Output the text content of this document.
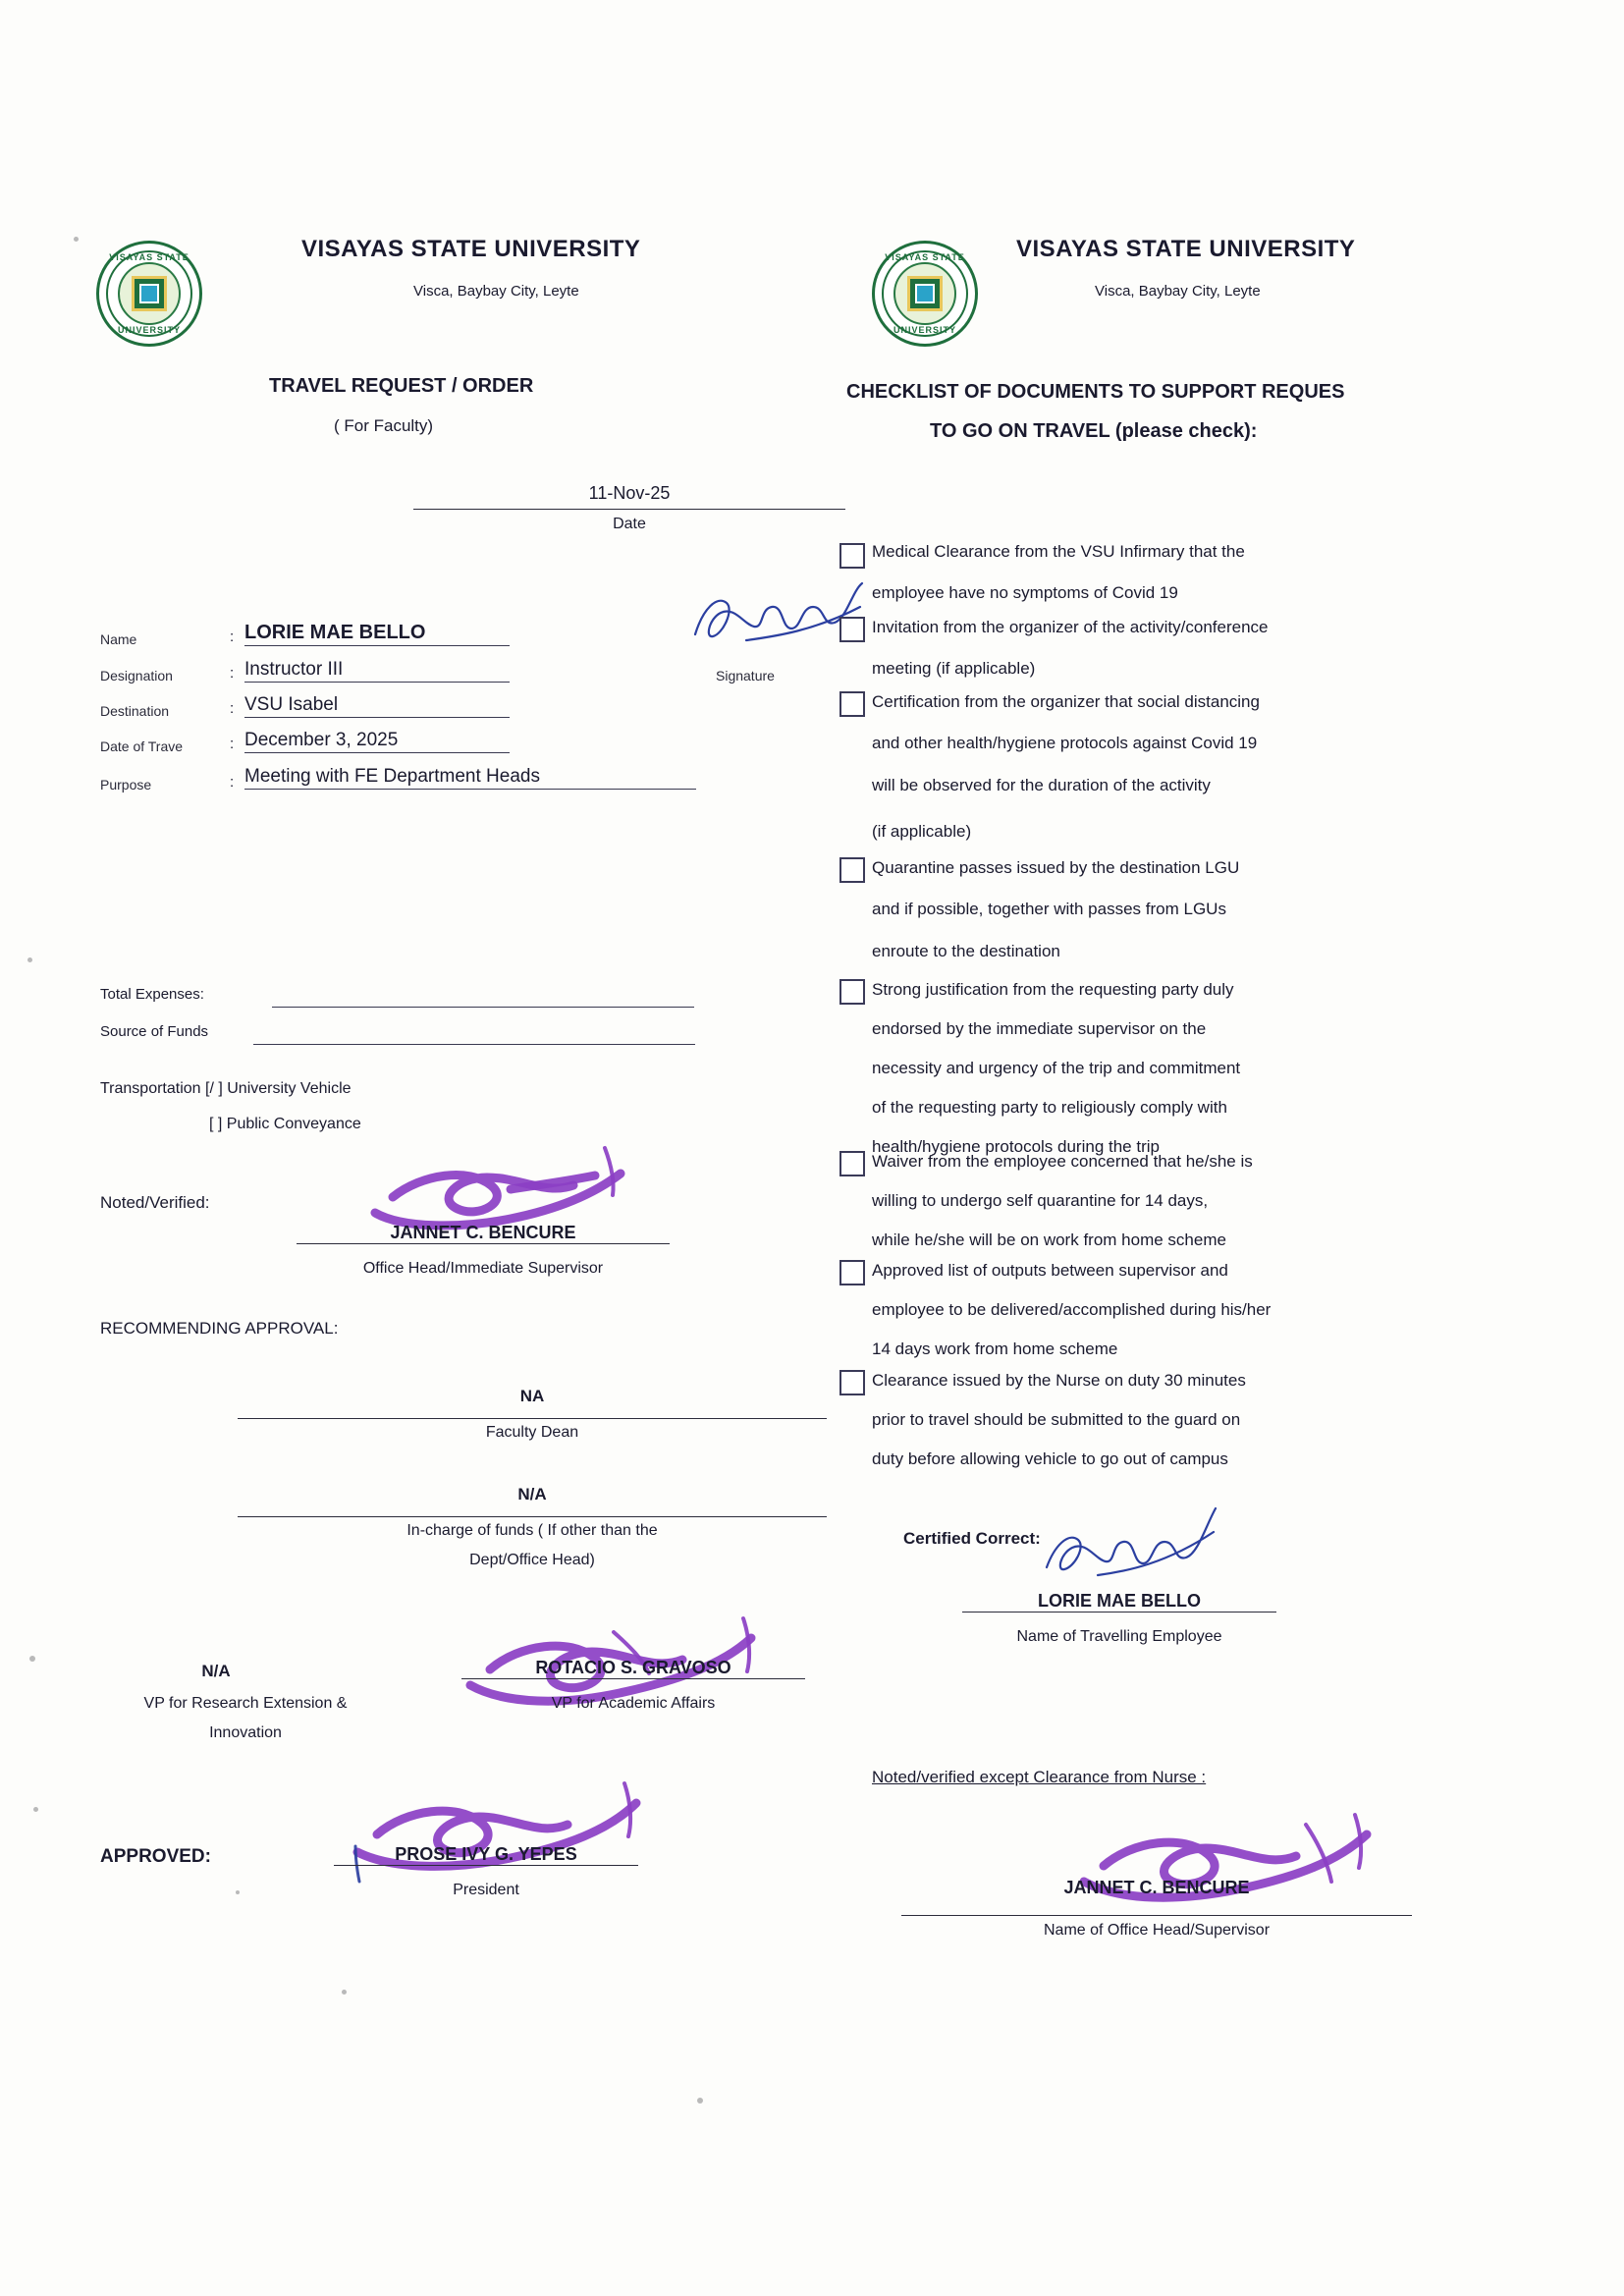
VISAYAS STATE
UNIVERSITY
VISAYAS STATE
UNIVERSITY
VISAYAS STATE UNIVERSITY
Visca, Baybay City, Leyte
TRAVEL REQUEST / ORDER
( For Faculty)
VISAYAS STATE UNIVERSITY
Visca, Baybay City, Leyte
CHECKLIST OF DOCUMENTS TO SUPPORT REQUES
TO GO ON TRAVEL (please check):
11-Nov-25
Date
Signature
Name	: LORIE MAE BELLO
Designation	: Instructor III
Destination	: VSU Isabel
Date of Trave	: December 3, 2025
Purpose	: Meeting with FE Department Heads
Total Expenses:
Source of Funds
Transportation [/ ] University Vehicle
[ ] Public Conveyance
Noted/Verified:
JANNET C. BENCURE
Office Head/Immediate Supervisor
RECOMMENDING APPROVAL:
NA
Faculty Dean
N/A
In-charge of funds ( If other than the
Dept/Office Head)
N/A
VP for Research Extension &
Innovation
ROTACIO S. GRAVOSO
VP for Academic Affairs
APPROVED:	PROSE IVY G. YEPES
President
Medical Clearance from the VSU Infirmary that the
employee have no symptoms of Covid 19
Invitation from the organizer of the activity/conference
meeting (if applicable)
Certification from the organizer that social distancing
and other health/hygiene protocols against Covid 19
will be observed for the duration of the activity
(if applicable)
Quarantine passes issued by the destination LGU
and if possible, together with passes from LGUs
enroute to the destination
Strong justification from the requesting party duly
endorsed by the immediate supervisor on the
necessity and urgency of the trip and commitment
of the requesting party to religiously comply with
health/hygiene protocols during the trip
Waiver from the employee concerned that he/she is
willing to undergo self quarantine for 14 days,
while he/she will be on work from home scheme
Approved list of outputs between supervisor and
employee to be delivered/accomplished during his/her
14 days work from home scheme
Clearance issued by the Nurse on duty 30 minutes
prior to travel should be submitted to the guard on
duty before allowing vehicle to go out of campus
Certified Correct:
LORIE MAE BELLO
Name of Travelling Employee
Noted/verified except Clearance from Nurse :
JANNET C. BENCURE
Name of Office Head/Supervisor
